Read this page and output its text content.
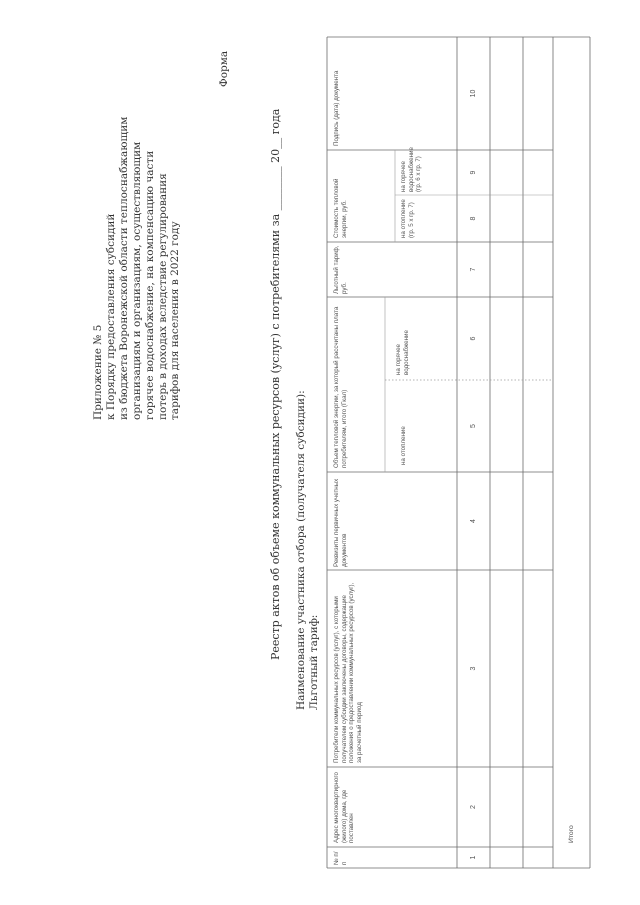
Приложение № 5 к Порядку предоставления субсидий из бюджета Воронежской области теплоснабжающим организациям и организациям, осуществляющим горячее водоснабжение, на компенсацию части потерь в доходах вследствие регулирования тарифов для населения в 2022 году
Форма
Реестр актов об объеме коммунальных ресурсов (услуг) с потребителями за ________ 20__ года Наименование участника отбора (получателя субсидии): Льготный тариф:
№ п/п
Адрес многоквартирного (жилого) дома, где поставлен
Потребители коммунальных ресурсов (услуг), с которыми получателем субсидии заключены договоры, содержащие положения о предоставлении коммунальных ресурсов (услуг), за расчетный период
Реквизиты первичных учетных документов
Объем тепловой энергии, за который рассчитаны плата потребителям, итого (Гкал)	на отопление
на горячее водоснабжение
Льготный тариф, руб.
Стоимость тепловой энергии, руб.	на отопление (гр. 5 х гр. 7)
на горячее водоснабжение (гр. 6 х гр. 7)
Подпись (дата) документа
1
2
3
4
5
6
7
8
9
10
Итого
